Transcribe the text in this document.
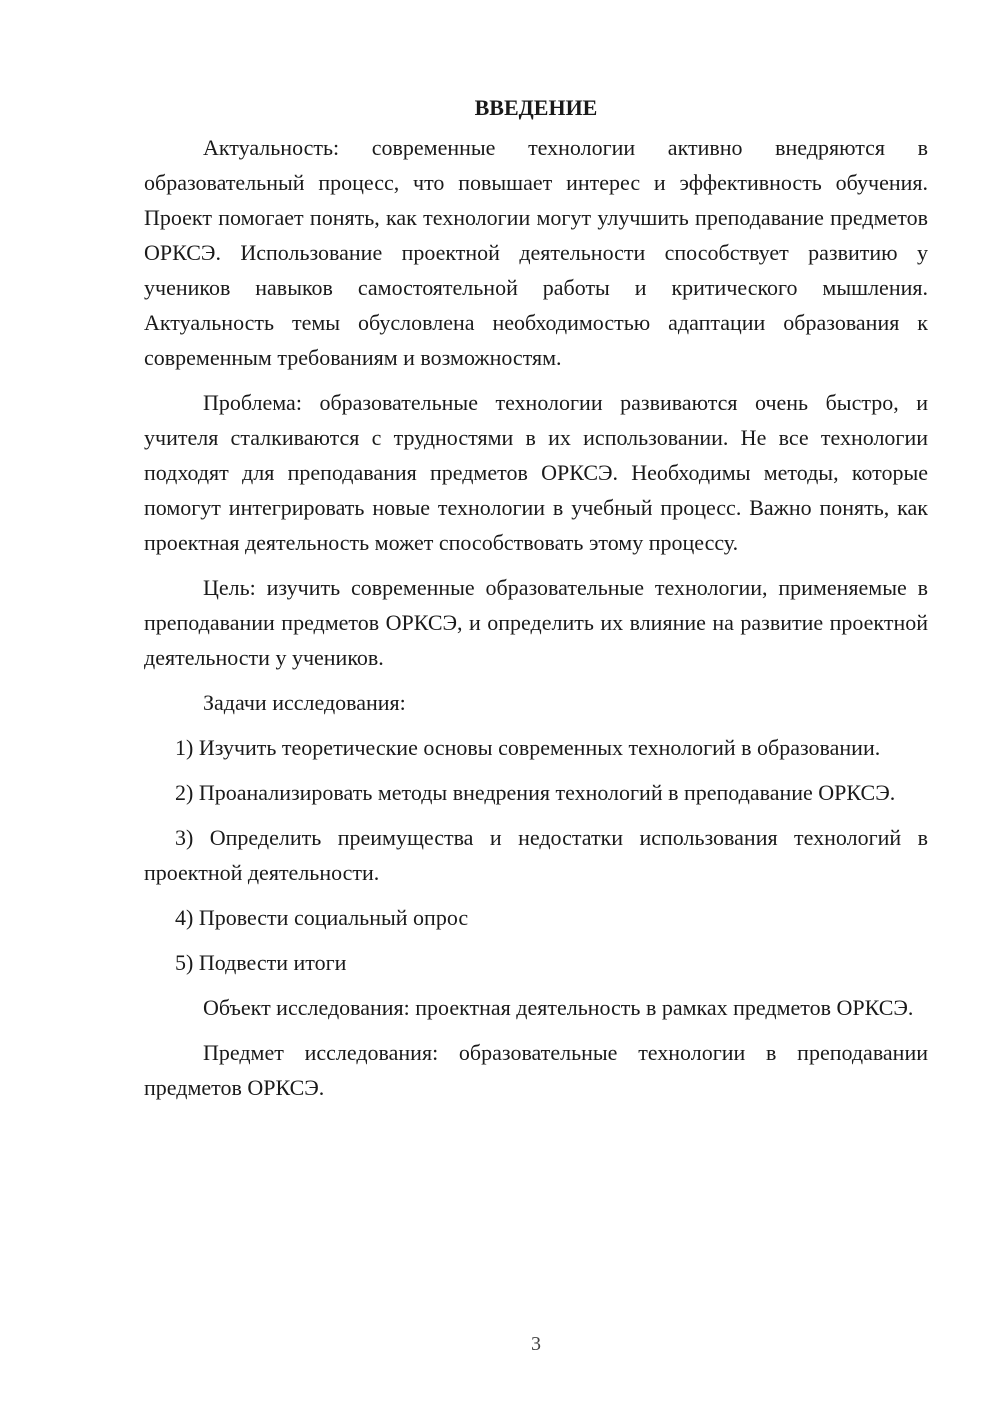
ВВЕДЕНИЕ

Актуальность: современные технологии активно внедряются в образовательный процесс, что повышает интерес и эффективность обучения. Проект помогает понять, как технологии могут улучшить преподавание предметов ОРКСЭ. Использование проектной деятельности способствует развитию у учеников навыков самостоятельной работы и критического мышления. Актуальность темы обусловлена необходимостью адаптации образования к современным требованиям и возможностям.

Проблема: образовательные технологии развиваются очень быстро, и учителя сталкиваются с трудностями в их использовании. Не все технологии подходят для преподавания предметов ОРКСЭ. Необходимы методы, которые помогут интегрировать новые технологии в учебный процесс. Важно понять, как проектная деятельность может способствовать этому процессу.

Цель: изучить современные образовательные технологии, применяемые в преподавании предметов ОРКСЭ, и определить их влияние на развитие проектной деятельности у учеников.

Задачи исследования:

1) Изучить теоретические основы современных технологий в образовании.

2) Проанализировать методы внедрения технологий в преподавание ОРКСЭ.

3) Определить преимущества и недостатки использования технологий в проектной деятельности.

4) Провести социальный опрос

5) Подвести итоги

Объект исследования: проектная деятельность в рамках предметов ОРКСЭ.

Предмет исследования: образовательные технологии в преподавании предметов ОРКСЭ.

3
